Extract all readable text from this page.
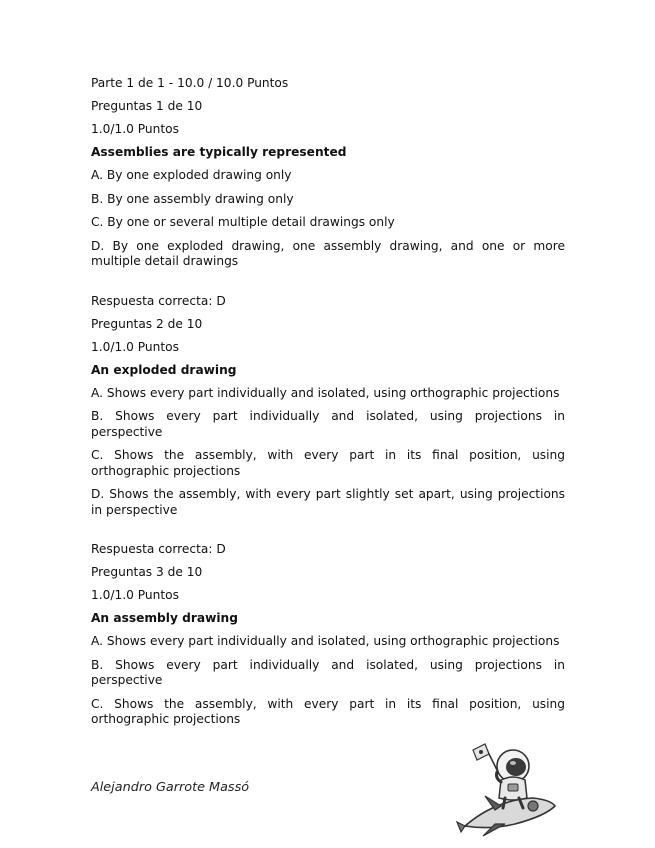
Parte 1 de 1 - 10.0 / 10.0 Puntos
Preguntas 1 de 10
1.0/1.0 Puntos
Assemblies are typically represented
A. By one exploded drawing only
B. By one assembly drawing only
C. By one or several multiple detail drawings only
D. By one exploded drawing, one assembly drawing, and one or more multiple detail drawings
Respuesta correcta: D
Preguntas 2 de 10
1.0/1.0 Puntos
An exploded drawing
A. Shows every part individually and isolated, using orthographic projections
B. Shows every part individually and isolated, using projections in perspective
C. Shows the assembly, with every part in its final position, using orthographic projections
D. Shows the assembly, with every part slightly set apart, using projections in perspective
Respuesta correcta: D
Preguntas 3 de 10
1.0/1.0 Puntos
An assembly drawing
A. Shows every part individually and isolated, using orthographic projections
B. Shows every part individually and isolated, using projections in perspective
C. Shows the assembly, with every part in its final position, using orthographic projections
Alejandro Garrote Massó
